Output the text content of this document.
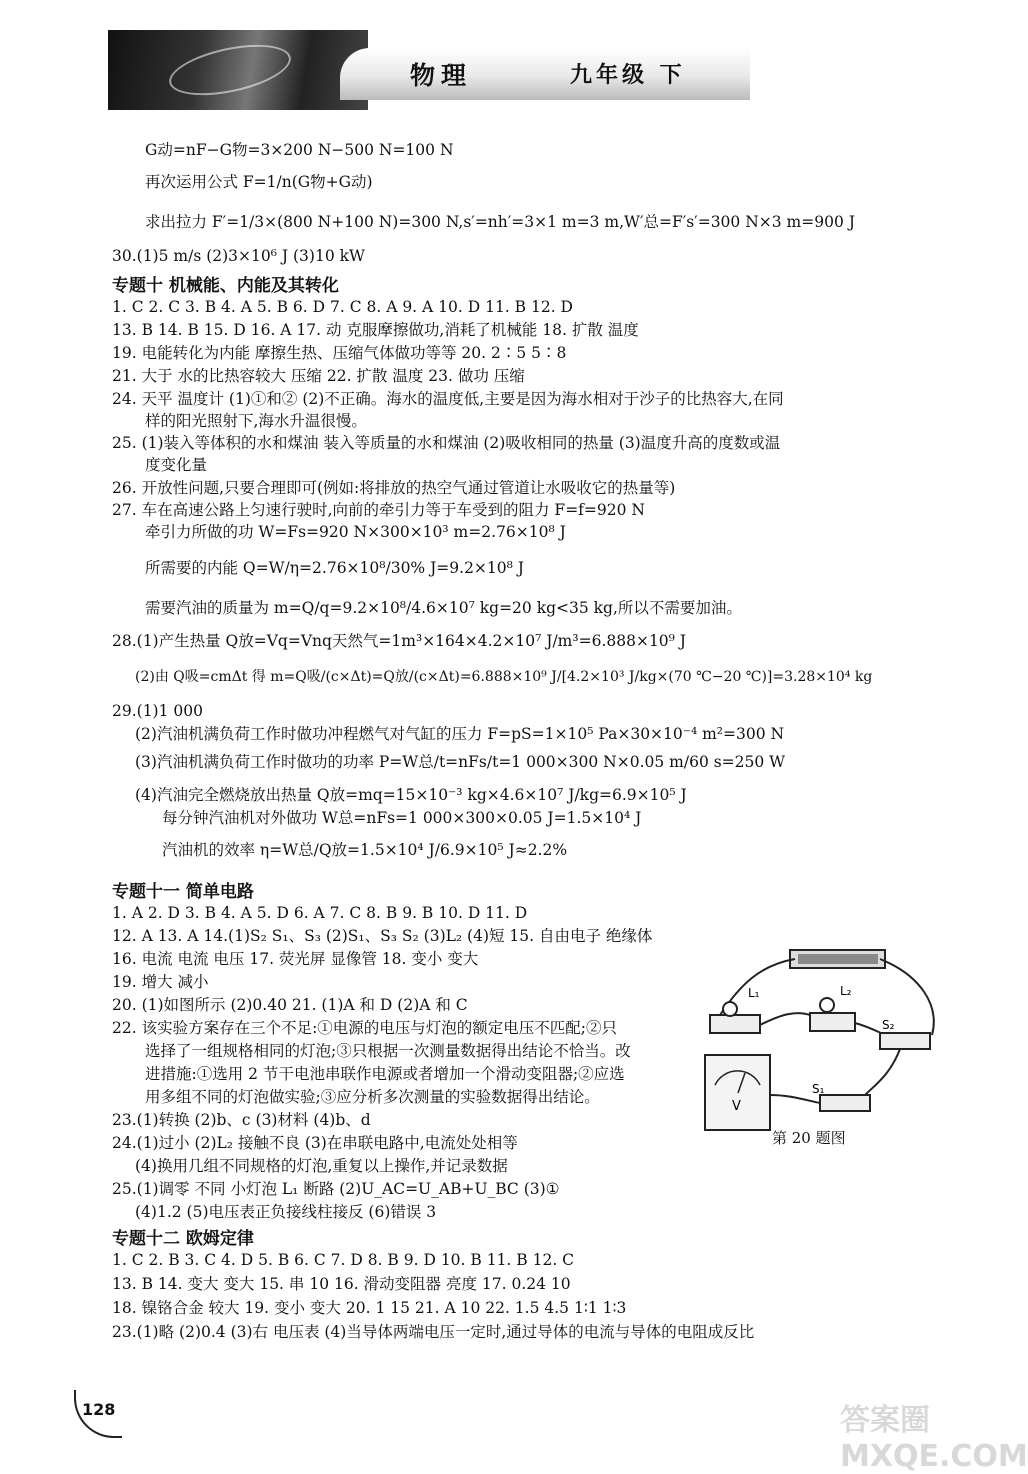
物理	九年级 下
G动=nF−G物=3×200 N−500 N=100 N
再次运用公式 F=1/n(G物+G动)
求出拉力 F′=1/3×(800 N+100 N)=300 N,s′=nh′=3×1 m=3 m,W′总=F′s′=300 N×3 m=900 J
30.(1)5 m/s (2)3×10⁶ J (3)10 kW
专题十 机械能、内能及其转化
1. C 2. C 3. B 4. A 5. B 6. D 7. C 8. A 9. A 10. D 11. B 12. D
13. B 14. B 15. D 16. A 17. 动 克服摩擦做功,消耗了机械能 18. 扩散 温度
19. 电能转化为内能 摩擦生热、压缩气体做功等等 20. 2∶5 5∶8
21. 大于 水的比热容较大 压缩 22. 扩散 温度 23. 做功 压缩
24. 天平 温度计 (1)①和② (2)不正确。海水的温度低,主要是因为海水相对于沙子的比热容大,在同
样的阳光照射下,海水升温很慢。
25. (1)装入等体积的水和煤油 装入等质量的水和煤油 (2)吸收相同的热量 (3)温度升高的度数或温
度变化量
26. 开放性问题,只要合理即可(例如:将排放的热空气通过管道让水吸收它的热量等)
27. 车在高速公路上匀速行驶时,向前的牵引力等于车受到的阻力 F=f=920 N
牵引力所做的功 W=Fs=920 N×300×10³ m=2.76×10⁸ J
所需要的内能 Q=W/η=2.76×10⁸/30% J=9.2×10⁸ J
需要汽油的质量为 m=Q/q=9.2×10⁸/4.6×10⁷ kg=20 kg<35 kg,所以不需要加油。
28.(1)产生热量 Q放=Vq=Vnq天然气=1m³×164×4.2×10⁷ J/m³=6.888×10⁹ J
(2)由 Q吸=cmΔt 得 m=Q吸/(c×Δt)=Q放/(c×Δt)=6.888×10⁹ J/[4.2×10³ J/kg×(70 ℃−20 ℃)]=3.28×10⁴ kg
29.(1)1 000
(2)汽油机满负荷工作时做功冲程燃气对气缸的压力 F=pS=1×10⁵ Pa×30×10⁻⁴ m²=300 N
(3)汽油机满负荷工作时做功的功率 P=W总/t=nFs/t=1 000×300 N×0.05 m/60 s=250 W
(4)汽油完全燃烧放出热量 Q放=mq=15×10⁻³ kg×4.6×10⁷ J/kg=6.9×10⁵ J
每分钟汽油机对外做功 W总=nFs=1 000×300×0.05 J=1.5×10⁴ J
汽油机的效率 η=W总/Q放=1.5×10⁴ J/6.9×10⁵ J≈2.2%
专题十一 简单电路
1. A 2. D 3. B 4. A 5. D 6. A 7. C 8. B 9. B 10. D 11. D
12. A 13. A 14.(1)S₂ S₁、S₃ (2)S₁、S₃ S₂ (3)L₂ (4)短 15. 自由电子 绝缘体
16. 电流 电流 电压 17. 荧光屏 显像管 18. 变小 变大
19. 增大 减小
20. (1)如图所示 (2)0.40 21. (1)A 和 D (2)A 和 C
22. 该实验方案存在三个不足:①电源的电压与灯泡的额定电压不匹配;②只
选择了一组规格相同的灯泡;③只根据一次测量数据得出结论不恰当。改
进措施:①选用 2 节干电池串联作电源或者增加一个滑动变阻器;②应选
用多组不同的灯泡做实验;③应分析多次测量的实验数据得出结论。
23.(1)转换 (2)b、c (3)材料 (4)b、d
24.(1)过小 (2)L₂ 接触不良 (3)在串联电路中,电流处处相等
(4)换用几组不同规格的灯泡,重复以上操作,并记录数据
25.(1)调零 不同 小灯泡 L₁ 断路 (2)U_AC=U_AB+U_BC (3)①
(4)1.2 (5)电压表正负接线柱接反 (6)错误 3
L₁	L₂
S₂
S₁
V
第 20 题图
专题十二 欧姆定律
1. C 2. B 3. C 4. D 5. B 6. C 7. D 8. B 9. D 10. B 11. B 12. C
13. B 14. 变大 变大 15. 串 10 16. 滑动变阻器 亮度 17. 0.24 10
18. 镍铬合金 较大 19. 变小 变大 20. 1 15 21. A 10 22. 1.5 4.5 1∶1 1∶3
23.(1)略 (2)0.4 (3)右 电压表 (4)当导体两端电压一定时,通过导体的电流与导体的电阻成反比
128	答案圈 MXQE.COM
